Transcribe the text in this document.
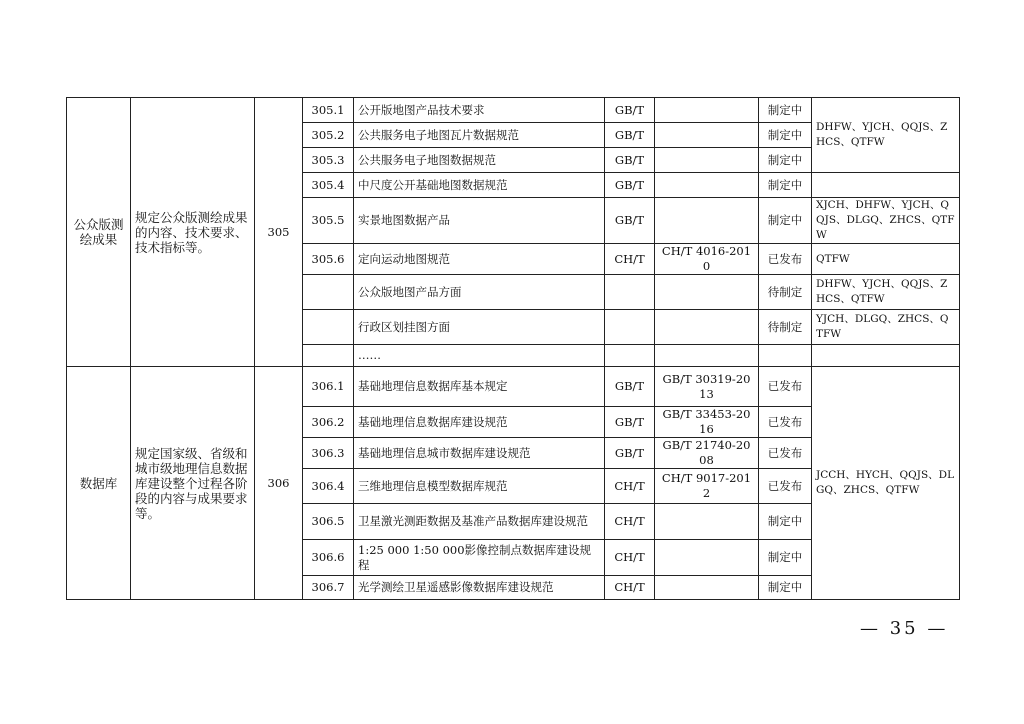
公众版测绘成果	规定公众版测绘成果的内容、技术要求、技术指标等。	305	305.1	公开版地图产品技术要求	GB/T		制定中	DHFW、YJCH、QQJS、ZHCS、QTFW
			305.2	公共服务电子地图瓦片数据规范	GB/T		制定中	
			305.3	公共服务电子地图数据规范	GB/T		制定中	
			305.4	中尺度公开基础地图数据规范	GB/T		制定中	
			305.5	实景地图数据产品	GB/T		制定中	XJCH、DHFW、YJCH、QQJS、DLGQ、ZHCS、QTFW
			305.6	定向运动地图规范	CH/T	CH/T 4016-2010	已发布	QTFW
				公众版地图产品方面			待制定	DHFW、YJCH、QQJS、ZHCS、QTFW
				行政区划挂图方面			待制定	YJCH、DLGQ、ZHCS、QTFW
				……				
数据库	规定国家级、省级和城市级地理信息数据库建设整个过程各阶段的内容与成果要求等。	306	306.1	基础地理信息数据库基本规定	GB/T	GB/T 30319-2013	已发布	JCCH、HYCH、QQJS、DLGQ、ZHCS、QTFW
			306.2	基础地理信息数据库建设规范	GB/T	GB/T 33453-2016	已发布	
			306.3	基础地理信息城市数据库建设规范	GB/T	GB/T 21740-2008	已发布	
			306.4	三维地理信息模型数据库规范	CH/T	CH/T 9017-2012	已发布	
			306.5	卫星激光测距数据及基准产品数据库建设规范	CH/T		制定中	
			306.6	1:25 000 1:50 000影像控制点数据库建设规程	CH/T		制定中	
			306.7	光学测绘卫星遥感影像数据库建设规范	CH/T		制定中	
— 35 —
